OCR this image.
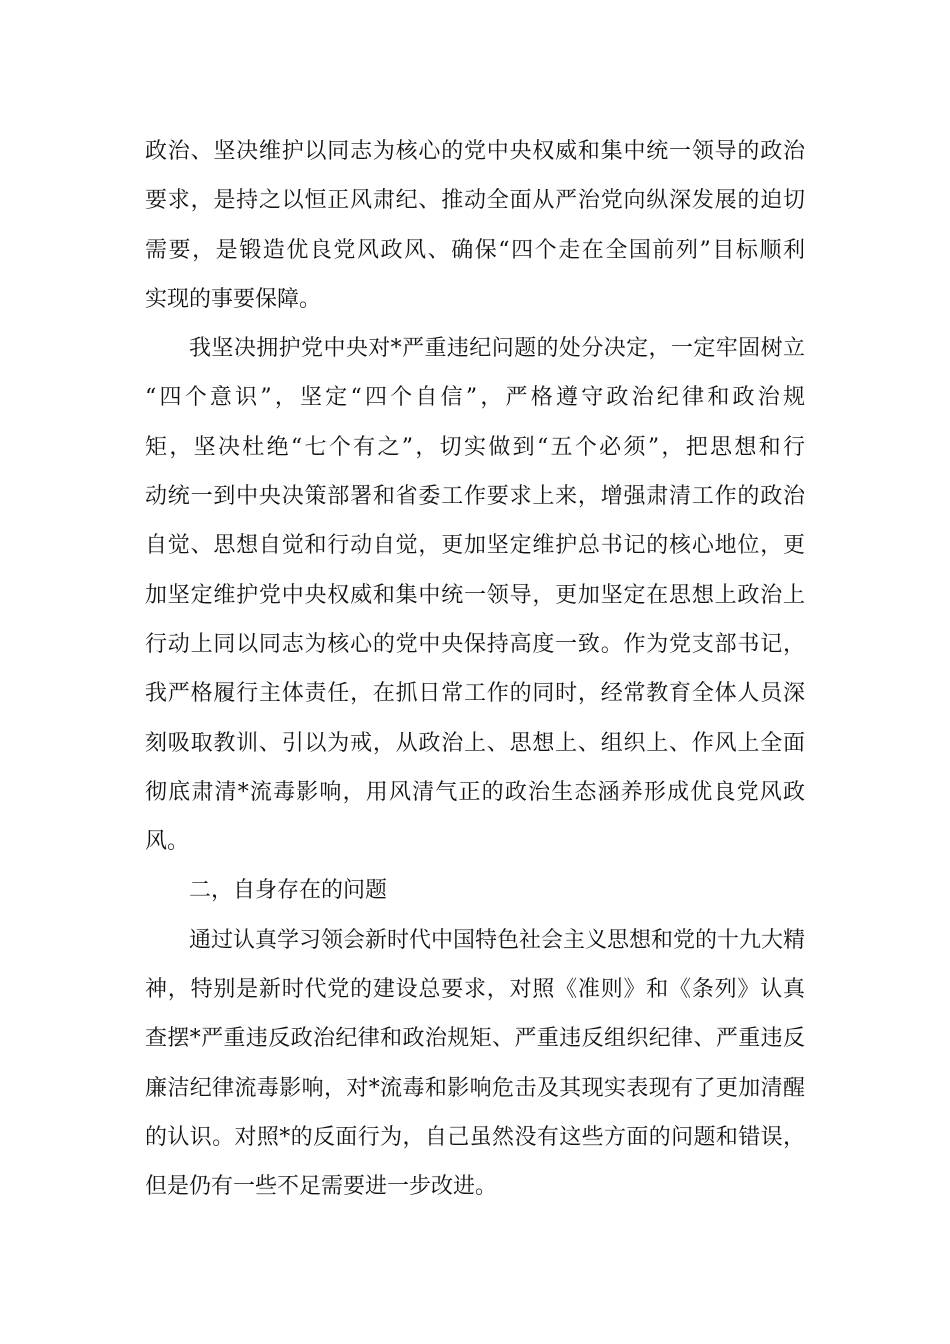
政治、坚决维护以同志为核心的党中央权威和集中统一领导的政治
要求，是持之以恒正风肃纪、推动全面从严治党向纵深发展的迫切
需要，是锻造优良党风政风、确保“四个走在全国前列”目标顺利
实现的事要保障。
我坚决拥护党中央对*严重违纪问题的处分决定，一定牢固树立
“四个意识”，坚定“四个自信”，严格遵守政治纪律和政治规
矩，坚决杜绝“七个有之”，切实做到“五个必须”，把思想和行
动统一到中央决策部署和省委工作要求上来，增强肃清工作的政治
自觉、思想自觉和行动自觉，更加坚定维护总书记的核心地位，更
加坚定维护党中央权威和集中统一领导，更加坚定在思想上政治上
行动上同以同志为核心的党中央保持高度一致。作为党支部书记，
我严格履行主体责任，在抓日常工作的同时，经常教育全体人员深
刻吸取教训、引以为戒，从政治上、思想上、组织上、作风上全面
彻底肃清*流毒影响，用风清气正的政治生态涵养形成优良党风政
风。
二，自身存在的问题
通过认真学习领会新时代中国特色社会主义思想和党的十九大精
神，特别是新时代党的建设总要求，对照《准则》和《条列》认真
查摆*严重违反政治纪律和政治规矩、严重违反组织纪律、严重违反
廉洁纪律流毒影响，对*流毒和影响危击及其现实表现有了更加清醒
的认识。对照*的反面行为，自己虽然没有这些方面的问题和错误，
但是仍有一些不足需要进一步改进。
